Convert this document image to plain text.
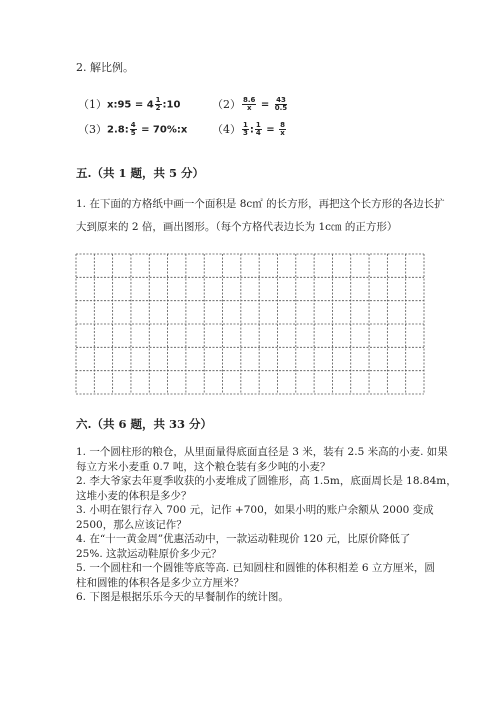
2. 解比例。
（1） x:95 = $4 \frac{1}{2}$ :10	$(2) \frac{8.6}{x} = \frac{43}{0.5}$
（3） 2.8: $\frac{4}{5}$ = 70%:x $(4) \frac{1}{3}$ : $\frac{1}{4} = \frac{8}{x}$
五.（共 1 题，共 5 分）
1. 在下面的方格纸中画一个面积是 8c㎡ 的长方形，再把这个长方形的各边长扩
大到原来的 2 倍，画出图形。（每个方格代表边长为 1c㎝ 的正方形）
六.（共 6 题，共 33 分）

1. 一个圆柱形的粮仓，从里面量得底面直径是 3 米，装有 2.5 米高的小麦. 如果

每立方米小麦重 0.7 吨，这个粮仓装有多少吨的小麦？

2. 李大爷家去年夏季收获的小麦堆成了圆锥形，高 1.5m，底面周长是 18.84m，

这堆小麦的体积是多少？

3. 小明在银行存入 700 元，记作 +700，如果小明的账户余额从 2000 变成

2500，那么应该记作？

4. 在“十一黄金周”优惠活动中，一款运动鞋现价 120 元，比原价降低了

25%. 这款运动鞋原价多少元？

5. 一个圆柱和一个圆锥等底等高. 已知圆柱和圆锥的体积相差 6 立方厘米，圆

柱和圆锥的体积各是多少立方厘米？

6. 下图是根据乐乐今天的早餐制作的统计图。
